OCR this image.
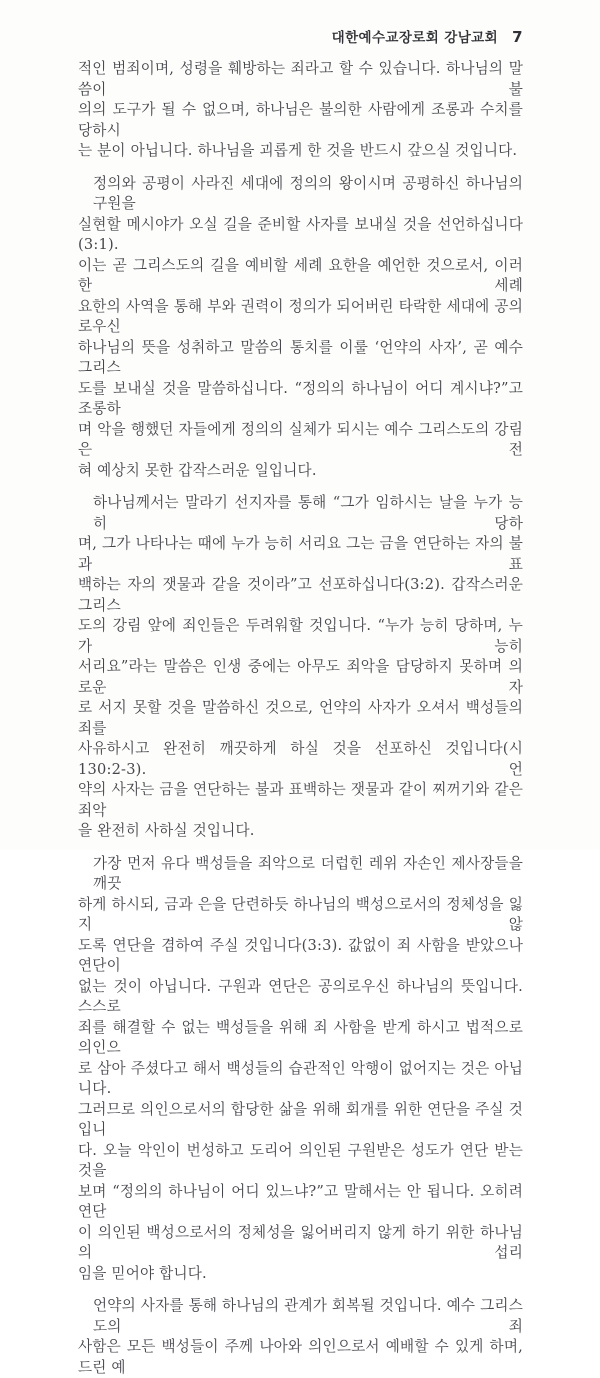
대한예수교장로회 강남교회 7
적인 범죄이며, 성령을 훼방하는 죄라고 할 수 있습니다. 하나님의 말씀이 불
의의 도구가 될 수 없으며, 하나님은 불의한 사람에게 조롱과 수치를 당하시
는 분이 아닙니다. 하나님을 괴롭게 한 것을 반드시 갚으실 것입니다.
정의와 공평이 사라진 세대에 정의의 왕이시며 공평하신 하나님의 구원을
실현할 메시야가 오실 길을 준비할 사자를 보내실 것을 선언하십니다(3:1).
이는 곧 그리스도의 길을 예비할 세례 요한을 예언한 것으로서, 이러한 세례
요한의 사역을 통해 부와 권력이 정의가 되어버린 타락한 세대에 공의로우신
하나님의 뜻을 성취하고 말씀의 통치를 이룰 ‘언약의 사자’, 곧 예수 그리스
도를 보내실 것을 말씀하십니다. “정의의 하나님이 어디 계시냐?”고 조롱하
며 악을 행했던 자들에게 정의의 실체가 되시는 예수 그리스도의 강림은 전
혀 예상치 못한 갑작스러운 일입니다.
하나님께서는 말라기 선지자를 통해 “그가 임하시는 날을 누가 능히 당하
며, 그가 나타나는 때에 누가 능히 서리요 그는 금을 연단하는 자의 불과 표
백하는 자의 잿물과 같을 것이라”고 선포하십니다(3:2). 갑작스러운 그리스
도의 강림 앞에 죄인들은 두려워할 것입니다. “누가 능히 당하며, 누가 능히
서리요”라는 말씀은 인생 중에는 아무도 죄악을 담당하지 못하며 의로운 자
로 서지 못할 것을 말씀하신 것으로, 언약의 사자가 오셔서 백성들의 죄를
사유하시고 완전히 깨끗하게 하실 것을 선포하신 것입니다(시 130:2-3). 언
약의 사자는 금을 연단하는 불과 표백하는 잿물과 같이 찌꺼기와 같은 죄악
을 완전히 사하실 것입니다.
가장 먼저 유다 백성들을 죄악으로 더럽힌 레위 자손인 제사장들을 깨끗
하게 하시되, 금과 은을 단련하듯 하나님의 백성으로서의 정체성을 잃지 않
도록 연단을 겸하여 주실 것입니다(3:3). 값없이 죄 사함을 받았으나 연단이
없는 것이 아닙니다. 구원과 연단은 공의로우신 하나님의 뜻입니다. 스스로
죄를 해결할 수 없는 백성들을 위해 죄 사함을 받게 하시고 법적으로 의인으
로 삼아 주셨다고 해서 백성들의 습관적인 악행이 없어지는 것은 아닙니다.
그러므로 의인으로서의 합당한 삶을 위해 회개를 위한 연단을 주실 것입니
다. 오늘 악인이 번성하고 도리어 의인된 구원받은 성도가 연단 받는 것을
보며 “정의의 하나님이 어디 있느냐?”고 말해서는 안 됩니다. 오히려 연단
이 의인된 백성으로서의 정체성을 잃어버리지 않게 하기 위한 하나님의 섭리
임을 믿어야 합니다.
언약의 사자를 통해 하나님의 관계가 회복될 것입니다. 예수 그리스도의 죄
사함은 모든 백성들이 주께 나아와 의인으로서 예배할 수 있게 하며, 드린 예
